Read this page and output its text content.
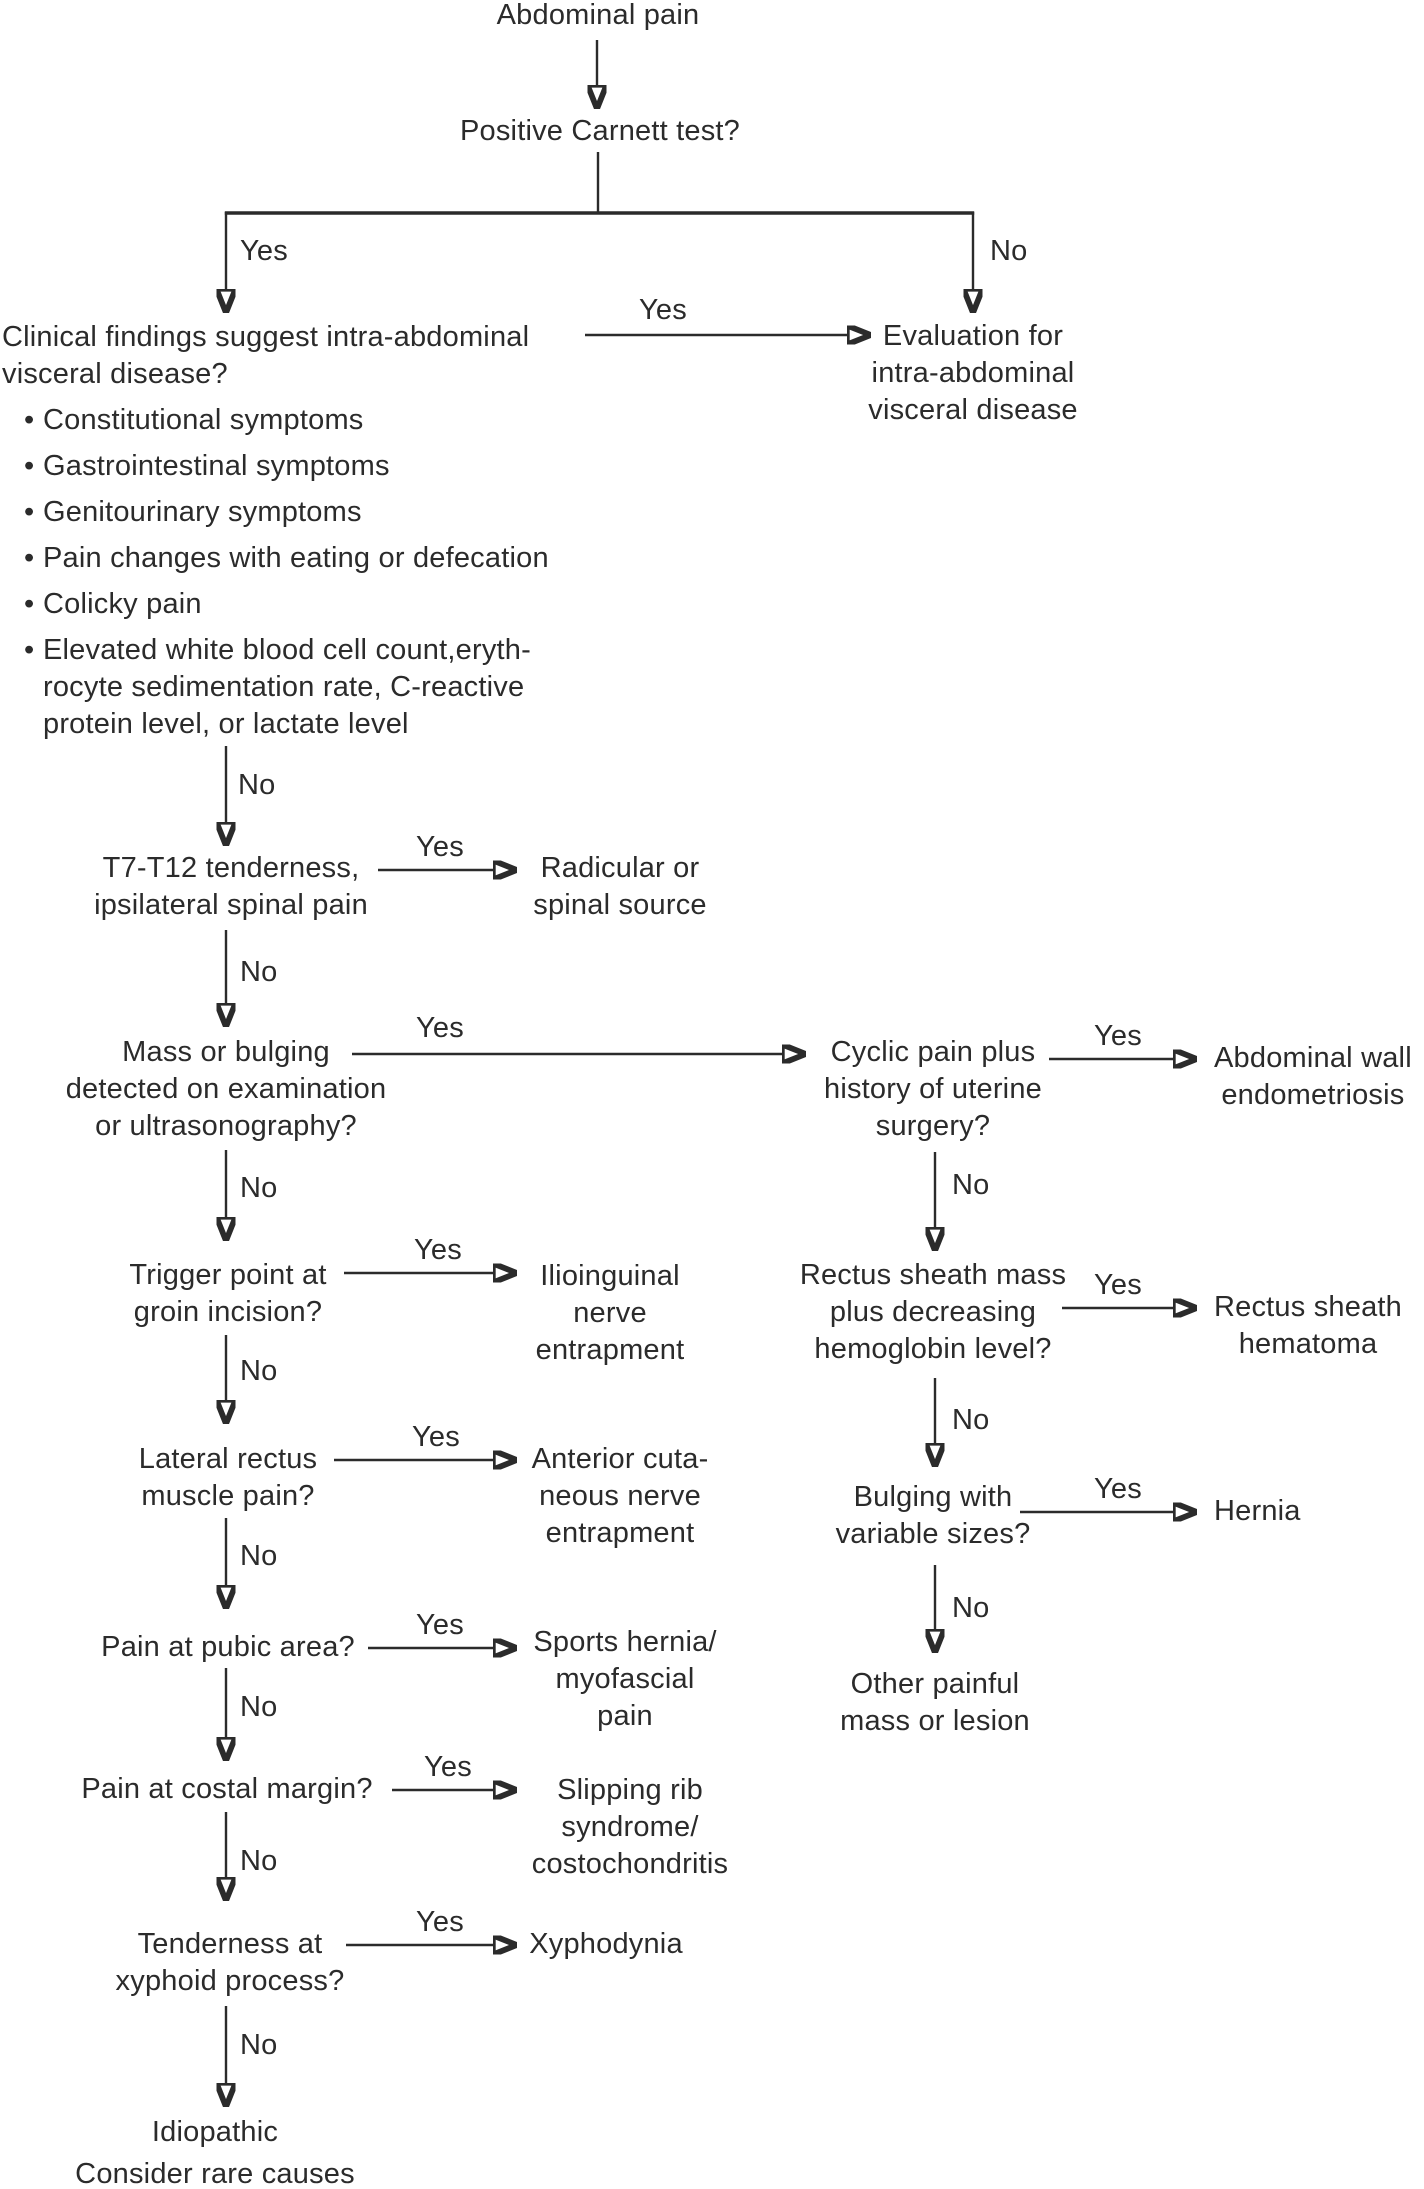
Abdominal pain
Positive Carnett test?
Clinical findings suggest intra-abdominal
visceral disease?
• Constitutional symptoms
• Gastrointestinal symptoms
• Genitourinary symptoms
• Pain changes with eating or defecation
• Colicky pain
• Elevated white blood cell count,eryth-
rocyte sedimentation rate, C-reactive
protein level, or lactate level
Evaluation for
intra-abdominal
visceral disease
T7-T12 tenderness,
ipsilateral spinal pain
Radicular or
spinal source
Mass or bulging
detected on examination
or ultrasonography?
Cyclic pain plus
history of uterine
surgery?
Abdominal wall
endometriosis
Trigger point at
groin incision?
Ilioinguinal
nerve
entrapment
Rectus sheath mass
plus decreasing
hemoglobin level?
Rectus sheath
hematoma
Lateral rectus
muscle pain?
Anterior cuta-
neous nerve
entrapment
Bulging with
variable sizes?
Hernia
Pain at pubic area?	Sports hernia/
myofascial
pain
Other painful
mass or lesion
Pain at costal margin?	Slipping rib
syndrome/
costochondritis
Tenderness at
xyphoid process?
Xyphodynia
Idiopathic
Consider rare causes
Yes	No
Yes
No
Yes
No
Yes
No
Yes
No
Yes
No
Yes
No
Yes
No
Yes
No
Yes
No
Yes
No
Yes
No
